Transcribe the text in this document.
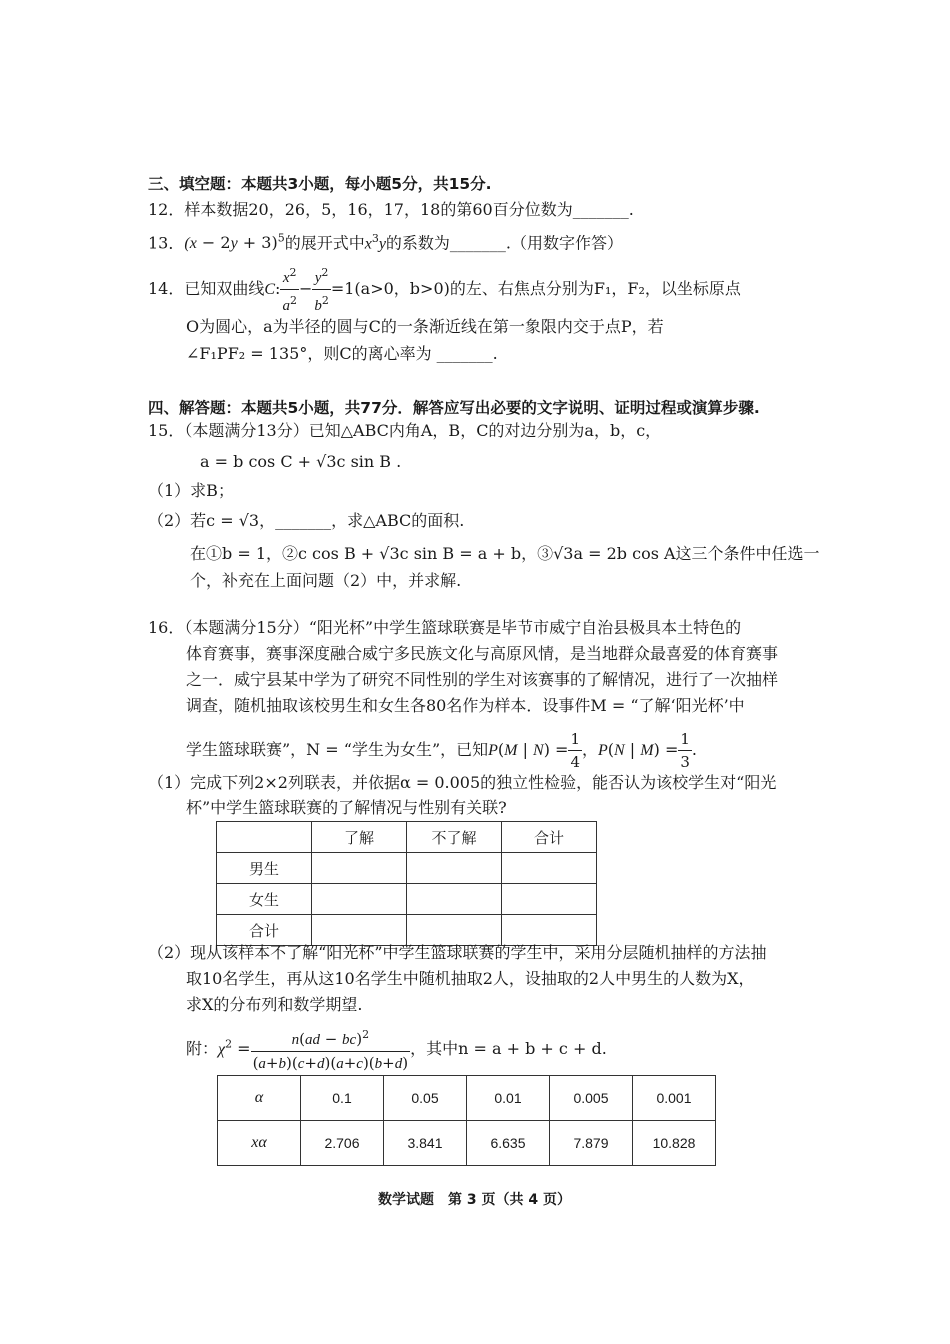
三、填空题：本题共3小题，每小题5分，共15分.
12．样本数据20，26，5，16，17，18的第60百分位数为_______.
13．$(x - 2y + 3)^5$的展开式中$x^3y$的系数为_______.（用数字作答）
14．已知双曲线C: $\frac{x^2}{a^2} - \frac{y^2}{b^2} =1(a>0$，b>0)的左、右焦点分别为F₁，F₂，以坐标原点
O为圆心，a为半径的圆与C的一条渐近线在第一象限内交于点P，若
∠F₁PF₂ = 135°，则C的离心率为 _______.
四、解答题：本题共5小题，共77分．解答应写出必要的文字说明、证明过程或演算步骤.
15．（本题满分13分）已知△ABC内角A，B，C的对边分别为a，b，c，
a = b cos C + √3c sin B .
（1）求B；
（2）若c = √3，_______，求△ABC的面积.
在①b = 1，②c cos B + √3c sin B = a + b，③√3a = 2b cos A这三个条件中任选一
个，补充在上面问题（2）中，并求解.
16．（本题满分15分）“阳光杯”中学生篮球联赛是毕节市威宁自治县极具本土特色的
体育赛事，赛事深度融合威宁多民族文化与高原风情，是当地群众最喜爱的体育赛事
之一．威宁县某中学为了研究不同性别的学生对该赛事的了解情况，进行了一次抽样
调查，随机抽取该校男生和女生各80名作为样本．设事件M = “了解‘阳光杯’中
学生篮球联赛”，N = “学生为女生”，已知P(M | $N) = \frac{1}{4}$ ，P(N | $M) = \frac{1}{3}$ .
（1）完成下列2×2列联表，并依据α = 0.005的独立性检验，能否认为该校学生对“阳光
杯”中学生篮球联赛的了解情况与性别有关联?
	了解	不了解	合计
男生			
女生			
合计			
（2）现从该样本不了解“阳光杯”中学生篮球联赛的学生中，采用分层随机抽样的方法抽
取10名学生，再从这10名学生中随机抽取2人，设抽取的2人中男生的人数为X，
求X的分布列和数学期望.
附：$\chi^2 = \frac{n(ad - bc)^2}{(a+b)(c+d)(a+c)(b+d)}$ ，其中n = a + b + c + d.
α	0.1	0.05	0.01	0.005	0.001
xα	2.706	3.841	6.635	7.879	10.828
数学试题　第 3 页（共 4 页）
